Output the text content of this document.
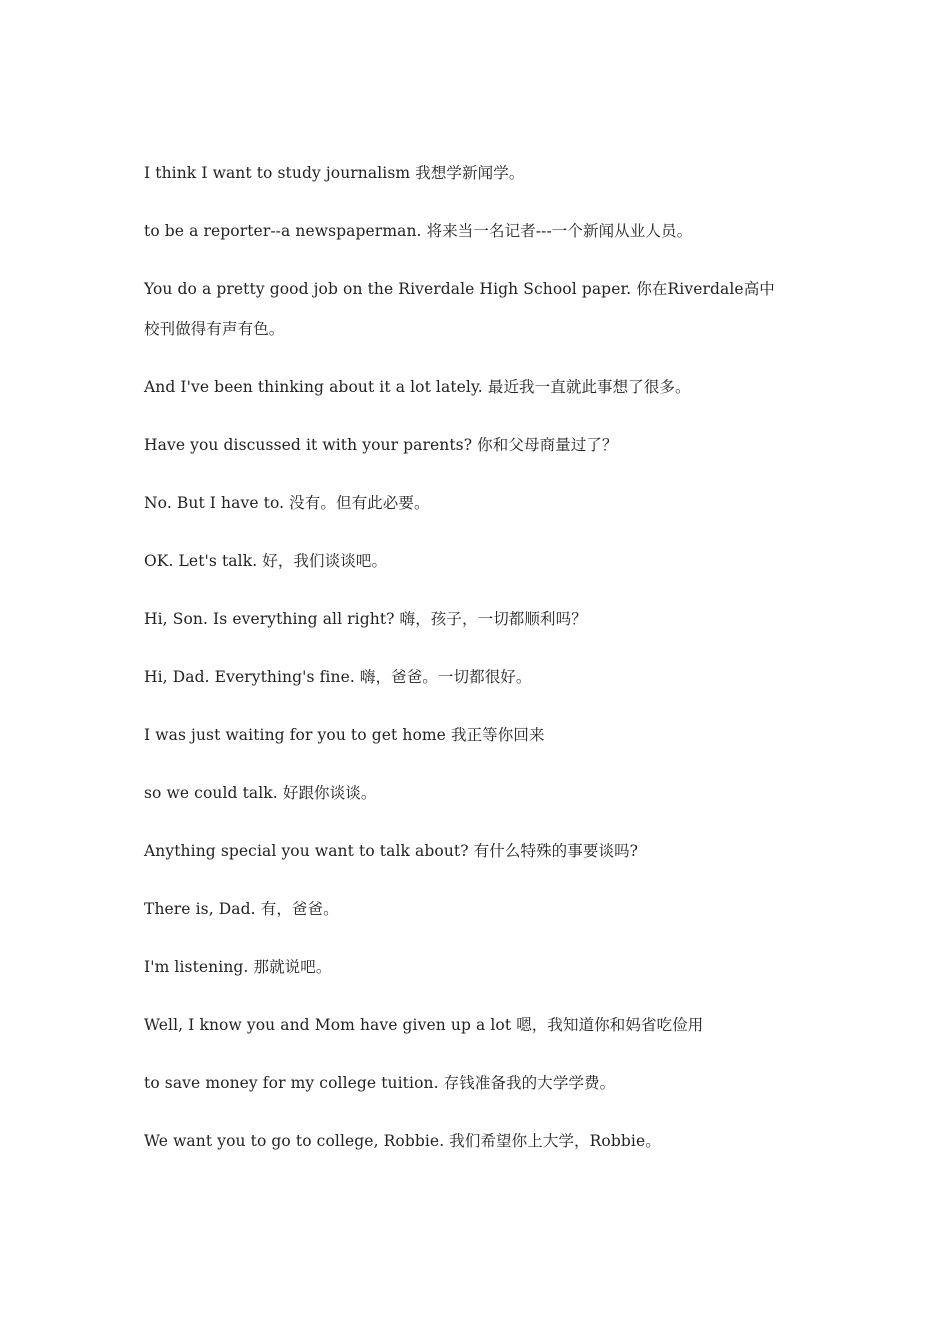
I think I want to study journalism 我想学新闻学。
to be a reporter--a newspaperman. 将来当一名记者---一个新闻从业人员。
You do a pretty good job on the Riverdale High School paper. 你在Riverdale高中
校刊做得有声有色。
And I've been thinking about it a lot lately. 最近我一直就此事想了很多。
Have you discussed it with your parents? 你和父母商量过了？
No. But I have to. 没有。但有此必要。
OK. Let's talk. 好，我们谈谈吧。
Hi, Son. Is everything all right? 嗨，孩子，一切都顺利吗？
Hi, Dad. Everything's fine. 嗨，爸爸。一切都很好。
I was just waiting for you to get home 我正等你回来
so we could talk. 好跟你谈谈。
Anything special you want to talk about? 有什么特殊的事要谈吗?
There is, Dad. 有，爸爸。
I'm listening. 那就说吧。
Well, I know you and Mom have given up a lot 嗯，我知道你和妈省吃俭用
to save money for my college tuition. 存钱准备我的大学学费。
We want you to go to college, Robbie. 我们希望你上大学，Robbie。
